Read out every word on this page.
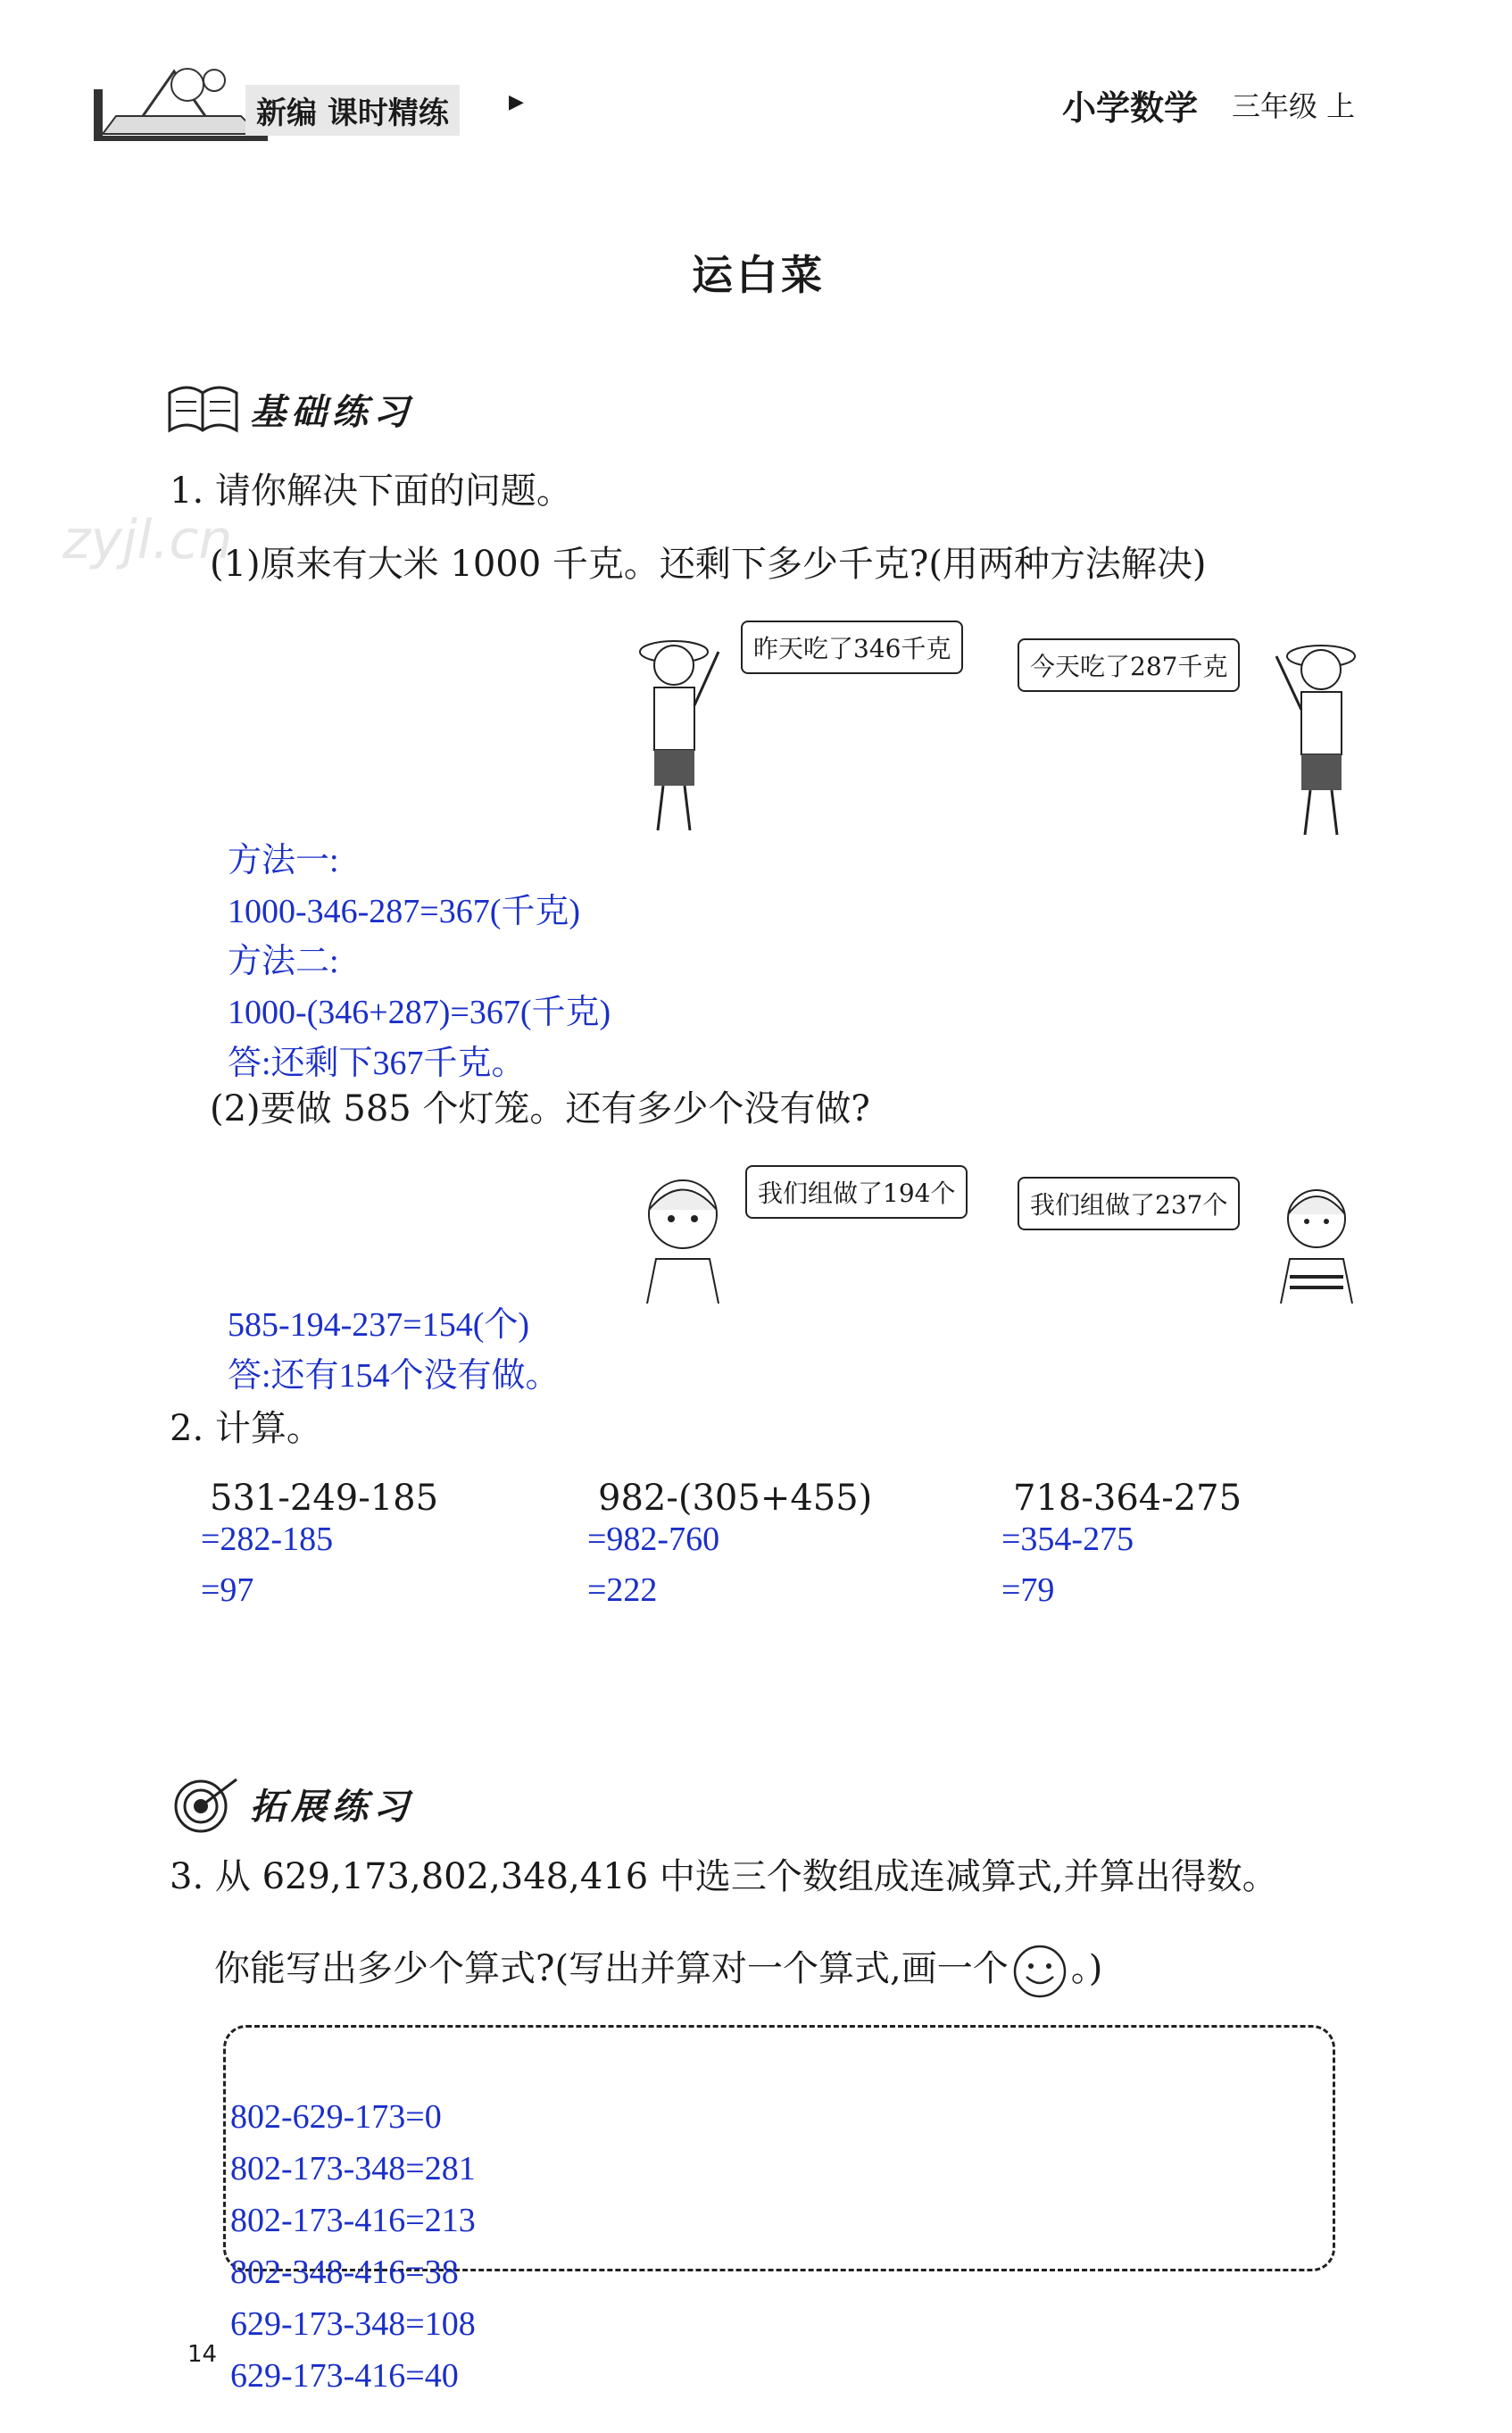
新编 课时精练	▶	小学数学 三年级 上
zyjl.cn
运白菜
基础练习
1. 请你解决下面的问题。
(1)原来有大米 1000 千克。还剩下多少千克?(用两种方法解决)
昨天吃了346千克
今天吃了287千克
方法一:
1000-346-287=367(千克)
方法二:
1000-(346+287)=367(千克)
答:还剩下367千克。
(2)要做 585 个灯笼。还有多少个没有做?
我们组做了194个	我们组做了237个
585-194-237=154(个)
答:还有154个没有做。
2. 计算。
531-249-185
=282-185
=97
982-(305+455)
=982-760
=222
718-364-275
=354-275
=79
拓展练习
3. 从 629,173,802,348,416 中选三个数组成连减算式,并算出得数。
你能写出多少个算式?(写出并算对一个算式,画一个 。)
802-629-173=0
802-173-348=281
802-173-416=213
802-348-416=38
629-173-348=108
629-173-416=40
14
